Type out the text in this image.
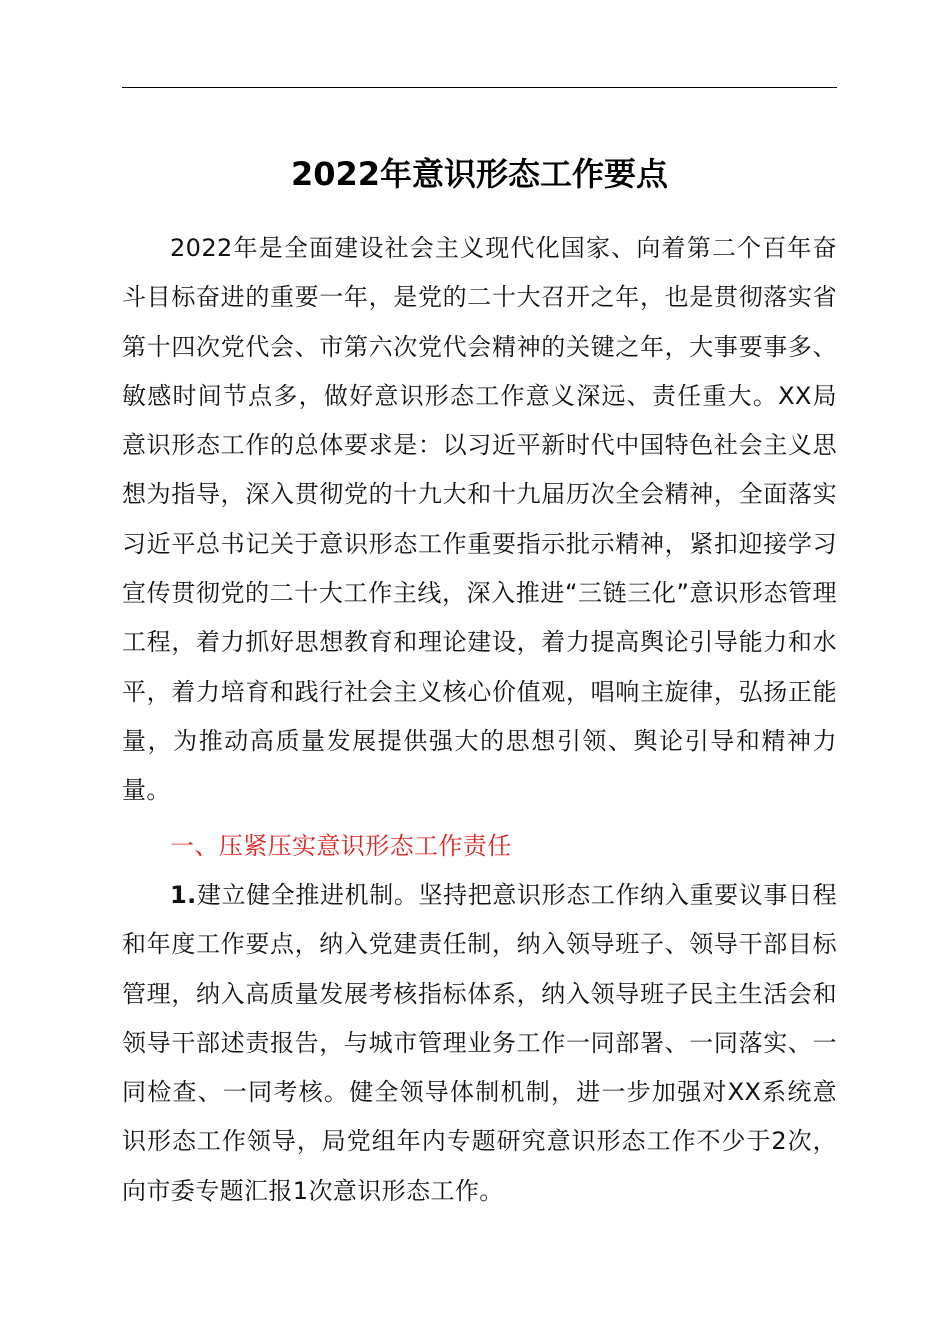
2022年意识形态工作要点

2022年是全面建设社会主义现代化国家、向着第二个百年奋斗目标奋进的重要一年，是党的二十大召开之年，也是贯彻落实省第十四次党代会、市第六次党代会精神的关键之年，大事要事多、敏感时间节点多，做好意识形态工作意义深远、责任重大。XX局意识形态工作的总体要求是：以习近平新时代中国特色社会主义思想为指导，深入贯彻党的十九大和十九届历次全会精神，全面落实习近平总书记关于意识形态工作重要指示批示精神，紧扣迎接学习宣传贯彻党的二十大工作主线，深入推进“三链三化”意识形态管理工程，着力抓好思想教育和理论建设，着力提高舆论引导能力和水平，着力培育和践行社会主义核心价值观，唱响主旋律，弘扬正能量，为推动高质量发展提供强大的思想引领、舆论引导和精神力量。

一、压紧压实意识形态工作责任

1.建立健全推进机制。坚持把意识形态工作纳入重要议事日程和年度工作要点，纳入党建责任制，纳入领导班子、领导干部目标管理，纳入高质量发展考核指标体系，纳入领导班子民主生活会和领导干部述责报告，与城市管理业务工作一同部署、一同落实、一同检查、一同考核。健全领导体制机制，进一步加强对XX系统意识形态工作领导，局党组年内专题研究意识形态工作不少于2次，向市委专题汇报1次意识形态工作。
